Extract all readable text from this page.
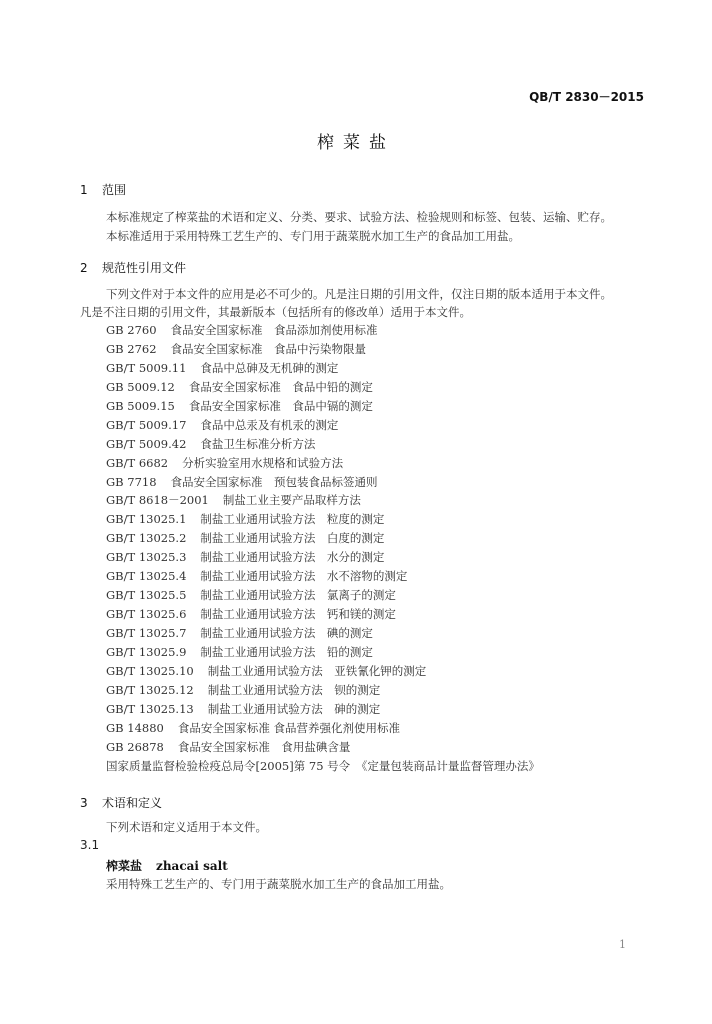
QB/T 2830－2015
榨菜盐
1 范围
本标准规定了榨菜盐的术语和定义、分类、要求、试验方法、检验规则和标签、包装、运输、贮存。
本标准适用于采用特殊工艺生产的、专门用于蔬菜脱水加工生产的食品加工用盐。
2 规范性引用文件
下列文件对于本文件的应用是必不可少的。凡是注日期的引用文件，仅注日期的版本适用于本文件。
凡是不注日期的引用文件，其最新版本（包括所有的修改单）适用于本文件。
GB 2760 食品安全国家标准　食品添加剂使用标准
GB 2762 食品安全国家标准　食品中污染物限量
GB/T 5009.11 食品中总砷及无机砷的测定
GB 5009.12 食品安全国家标准　食品中铅的测定
GB 5009.15 食品安全国家标准　食品中镉的测定
GB/T 5009.17 食品中总汞及有机汞的测定
GB/T 5009.42 食盐卫生标准分析方法
GB/T 6682 分析实验室用水规格和试验方法
GB 7718 食品安全国家标准　预包装食品标签通则
GB/T 8618－2001 制盐工业主要产品取样方法
GB/T 13025.1 制盐工业通用试验方法　粒度的测定
GB/T 13025.2 制盐工业通用试验方法　白度的测定
GB/T 13025.3 制盐工业通用试验方法　水分的测定
GB/T 13025.4 制盐工业通用试验方法　水不溶物的测定
GB/T 13025.5 制盐工业通用试验方法　氯离子的测定
GB/T 13025.6 制盐工业通用试验方法　钙和镁的测定
GB/T 13025.7 制盐工业通用试验方法　碘的测定
GB/T 13025.9 制盐工业通用试验方法　铅的测定
GB/T 13025.10 制盐工业通用试验方法　亚铁氰化钾的测定
GB/T 13025.12 制盐工业通用试验方法　钡的测定
GB/T 13025.13 制盐工业通用试验方法　砷的测定
GB 14880 食品安全国家标准 食品营养强化剂使用标准
GB 26878 食品安全国家标准　食用盐碘含量
国家质量监督检验检疫总局令[2005]第 75 号令　《定量包装商品计量监督管理办法》
3 术语和定义
下列术语和定义适用于本文件。
3.1
榨菜盐 zhacai salt
采用特殊工艺生产的、专门用于蔬菜脱水加工生产的食品加工用盐。
1
